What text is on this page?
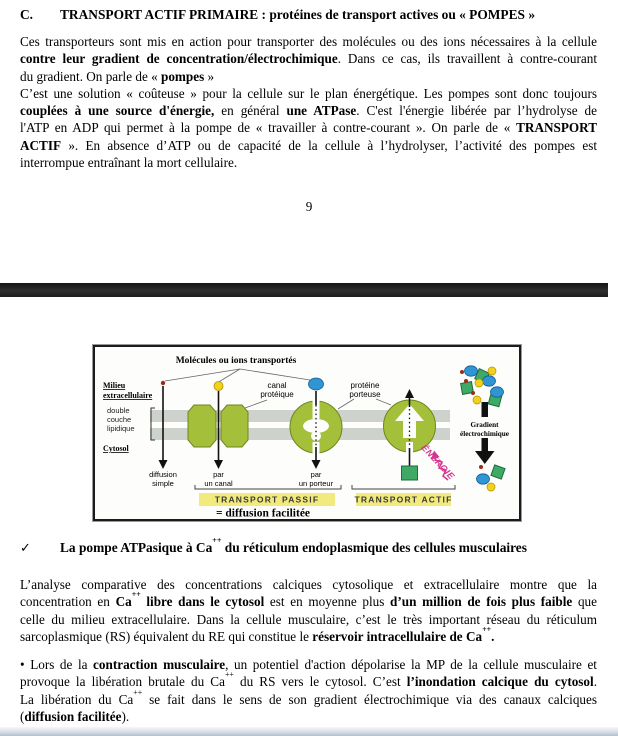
C. TRANSPORT ACTIF PRIMAIRE : protéines de transport actives ou « POMPES »
Ces transporteurs sont mis en action pour transporter des molécules ou des ions nécessaires à la cellule
contre leur gradient de concentration/électrochimique. Dans ce cas, ils travaillent à contre-courant
du gradient. On parle de « pompes »
C’est une solution « coûteuse » pour la cellule sur le plan énergétique. Les pompes sont donc toujours
couplées à une source d'énergie, en général une ATPase. C'est l'énergie libérée par l’hydrolyse de
l'ATP en ADP qui permet à la pompe de « travailler à contre-courant ». On parle de « TRANSPORT
ACTIF ». En absence d’ATP ou de capacité de la cellule à l’hydrolyser, l’activité des pompes est
interrompue entraînant la mort cellulaire.
9
Molécules ou ions transportés
Milieu
extracellulaire
double
couche
lipidique
Cytosol
canal
protéique
protéine
porteuse
diffusion
simple
par
un canal
par
un porteur
TRANSPORT PASSIF	TRANSPORT ACTIF
= diffusion facilitée
Gradient
électrochimique
ÉNERGIE
✓	La pompe ATPasique à Ca++ du réticulum endoplasmique des cellules musculaires
L’analyse comparative des concentrations calciques cytosolique et extracellulaire montre que la
concentration en Ca++ libre dans le cytosol est en moyenne plus d’un million de fois plus faible que
celle du milieu extracellulaire. Dans la cellule musculaire, c’est le très important réseau du réticulum
sarcoplasmique (RS) équivalent du RE qui constitue le réservoir intracellulaire de Ca++.
• Lors de la contraction musculaire, un potentiel d'action dépolarise la MP de la cellule musculaire et
provoque la libération brutale du Ca++ du RS vers le cytosol. C’est l’inondation calcique du cytosol.
La libération du Ca++ se fait dans le sens de son gradient électrochimique via des canaux calciques
(diffusion facilitée).
